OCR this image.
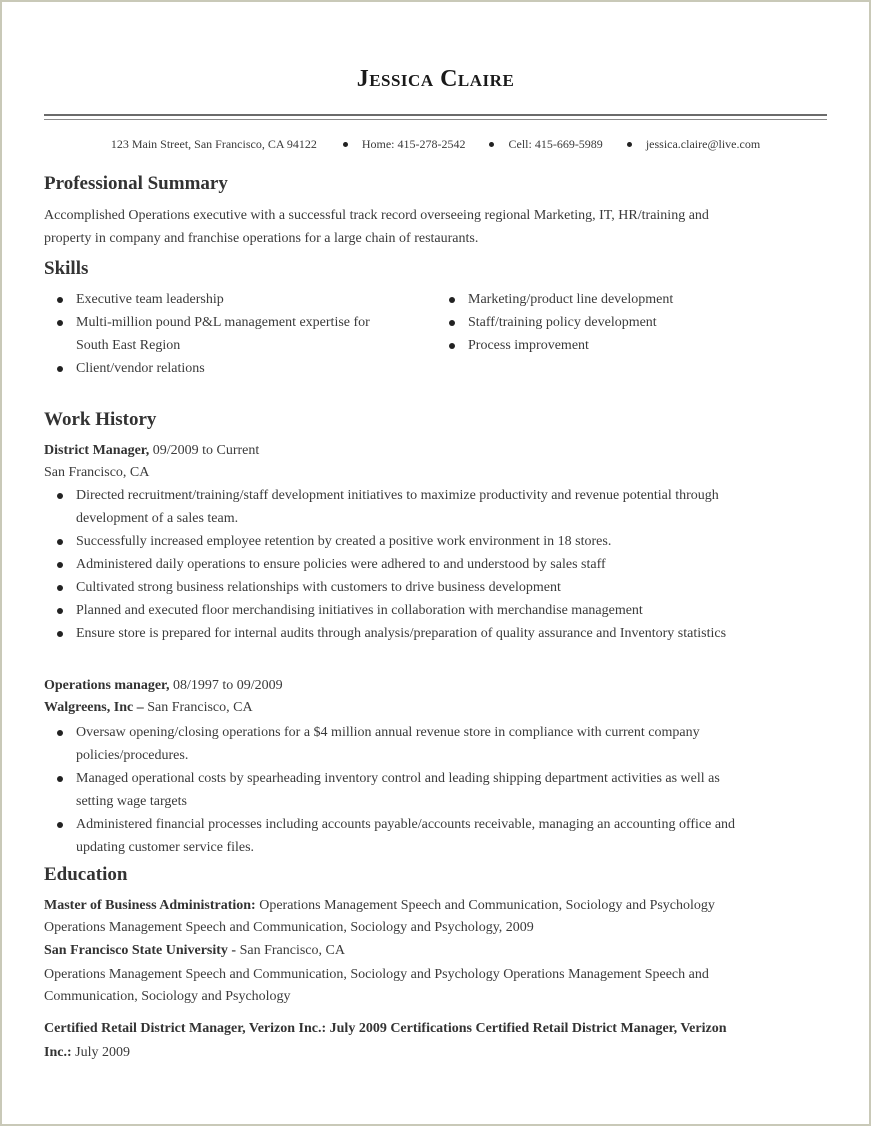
Jessica Claire
123 Main Street, San Francisco, CA 94122	Home: 415-278-2542	Cell: 415-669-5989	jessica.claire@live.com
Professional Summary
Accomplished Operations executive with a successful track record overseeing regional Marketing, IT, HR/training and property in company and franchise operations for a large chain of restaurants.
Skills
Executive team leadership
Multi-million pound P&L management expertise for South East Region
Client/vendor relations
Marketing/product line development
Staff/training policy development
Process improvement
Work History
District Manager, 09/2009 to Current
San Francisco, CA
Directed recruitment/training/staff development initiatives to maximize productivity and revenue potential through development of a sales team.
Successfully increased employee retention by created a positive work environment in 18 stores.
Administered daily operations to ensure policies were adhered to and understood by sales staff
Cultivated strong business relationships with customers to drive business development
Planned and executed floor merchandising initiatives in collaboration with merchandise management
Ensure store is prepared for internal audits through analysis/preparation of quality assurance and Inventory statistics
Operations manager, 08/1997 to 09/2009
Walgreens, Inc – San Francisco, CA
Oversaw opening/closing operations for a $4 million annual revenue store in compliance with current company policies/procedures.
Managed operational costs by spearheading inventory control and leading shipping department activities as well as setting wage targets
Administered financial processes including accounts payable/accounts receivable, managing an accounting office and updating customer service files.
Education
Master of Business Administration: Operations Management Speech and Communication, Sociology and Psychology Operations Management Speech and Communication, Sociology and Psychology, 2009
San Francisco State University - San Francisco, CA
Operations Management Speech and Communication, Sociology and Psychology Operations Management Speech and Communication, Sociology and Psychology
Certified Retail District Manager, Verizon Inc.: July 2009 Certifications Certified Retail District Manager, Verizon Inc.: July 2009
